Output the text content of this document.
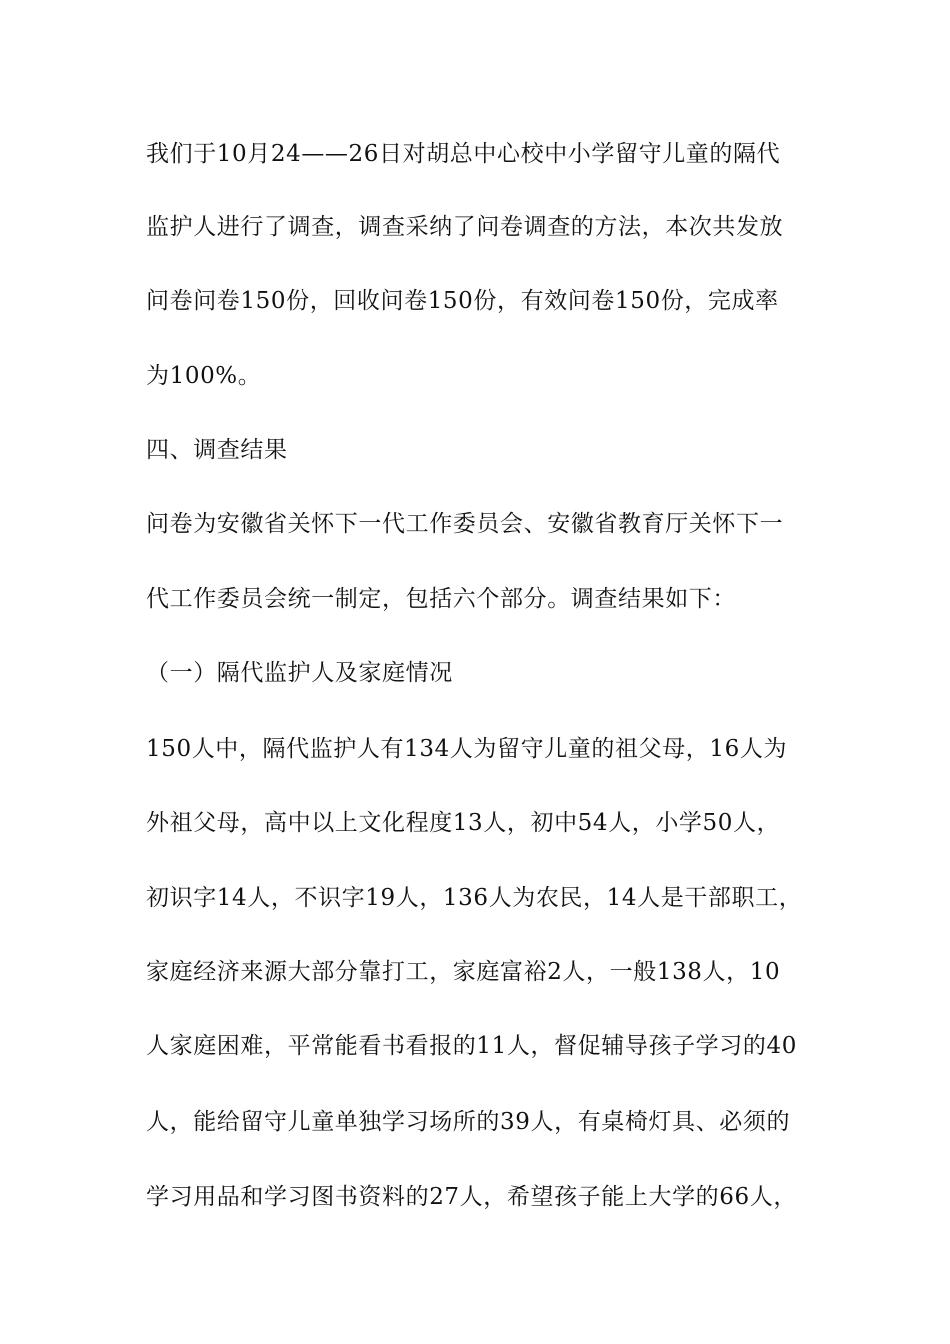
我们于10月24——26日对胡总中心校中小学留守儿童的隔代
监护人进行了调查，调查采纳了问卷调查的方法，本次共发放
问卷问卷150份，回收问卷150份，有效问卷150份，完成率
为100%。
四、调查结果
问卷为安徽省关怀下一代工作委员会、安徽省教育厅关怀下一
代工作委员会统一制定，包括六个部分。调查结果如下：
（一）隔代监护人及家庭情况
150人中，隔代监护人有134人为留守儿童的祖父母，16人为
外祖父母，高中以上文化程度13人，初中54人，小学50人，
初识字14人，不识字19人，136人为农民，14人是干部职工，
家庭经济来源大部分靠打工，家庭富裕2人，一般138人，10
人家庭困难，平常能看书看报的11人，督促辅导孩子学习的40
人，能给留守儿童单独学习场所的39人，有桌椅灯具、必须的
学习用品和学习图书资料的27人，希望孩子能上大学的66人，
